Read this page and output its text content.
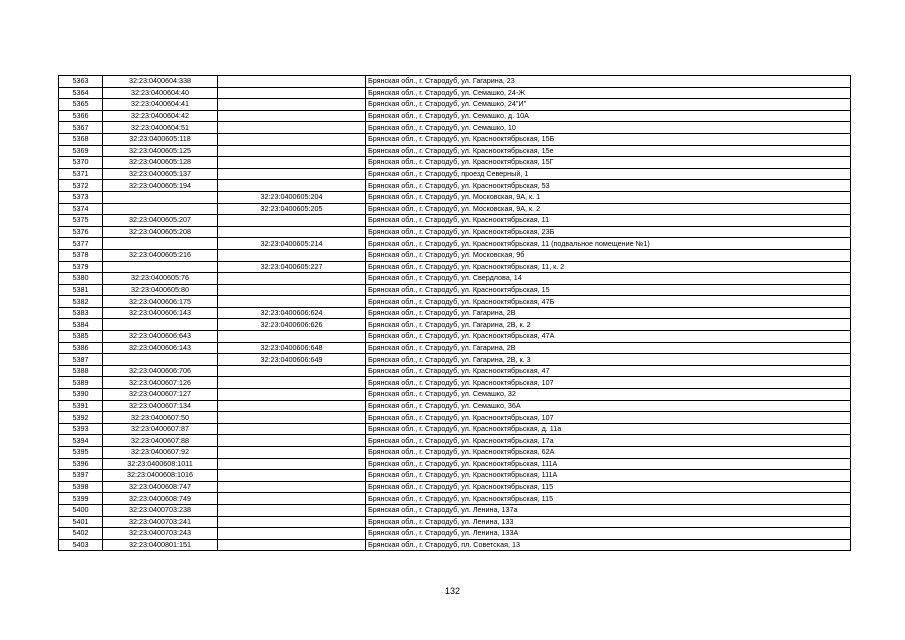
5363	32:23:0400604:338		Брянская обл., г. Стародуб, ул. Гагарина, 23
5364	32:23:0400604:40		Брянская обл., г. Стародуб, ул. Семашко, 24-Ж
5365	32:23:0400604:41		Брянская обл., г. Стародуб, ул. Семашко, 24"И"
5366	32:23:0400604:42		Брянская обл., г. Стародуб, ул. Семашко, д. 10А
5367	32:23:0400604:51		Брянская обл., г. Стародуб, ул. Семашко, 10
5368	32:23:0400605:118		Брянская обл., г. Стародуб, ул. Краснооктябрьская, 15Б
5369	32:23:0400605:125		Брянская обл., г. Стародуб, ул. Краснооктябрьская, 15е
5370	32:23:0400605:128		Брянская обл., г. Стародуб, ул. Краснооктябрьская, 15Г
5371	32:23:0400605:137		Брянская обл., г. Стародуб, проезд Северный, 1
5372	32:23:0400605:194		Брянская обл., г. Стародуб, ул. Краснооктябрьская, 53
5373		32:23:0400605:204	Брянская обл., г. Стародуб, ул. Московская, 9А, к. 1
5374		32:23:0400605:205	Брянская обл., г. Стародуб, ул. Московская, 9А, к. 2
5375	32:23:0400605:207		Брянская обл., г. Стародуб, ул. Краснооктябрьская, 11
5376	32:23:0400605:208		Брянская обл., г. Стародуб, ул. Краснооктябрьская, 23Б
5377		32:23:0400605:214	Брянская обл., г. Стародуб, ул. Краснооктябрьская, 11 (подвальное помещение №1)
5378	32:23:0400605:216		Брянская обл., г. Стародуб, ул. Московская, 9б
5379		32:23:0400605:227	Брянская обл., г. Стародуб, ул. Краснооктябрьская, 11, к. 2
5380	32:23:0400605:76		Брянская обл., г. Стародуб, ул. Свердлова, 14
5381	32:23:0400605:80		Брянская обл., г. Стародуб, ул. Краснооктябрьская, 15
5382	32:23:0400606:175		Брянская обл., г. Стародуб, ул. Краснооктябрьская, 47Б
5383	32:23:0400606:143	32:23:0400606:624	Брянская обл., г. Стародуб, ул. Гагарина, 2В
5384		32:23:0400606:626	Брянская обл., г. Стародуб, ул. Гагарина, 2В, к. 2
5385	32:23:0400606:643		Брянская обл., г. Стародуб, ул. Краснооктябрьская, 47А
5386	32:23:0400606:143	32:23:0400606:648	Брянская обл., г. Стародуб, ул. Гагарина, 2В
5387		32:23:0400606:649	Брянская обл., г. Стародуб, ул. Гагарина, 2В, к. 3
5388	32:23:0400606:706		Брянская обл., г. Стародуб, ул. Краснооктябрьская, 47
5389	32:23:0400607:126		Брянская обл., г. Стародуб, ул. Краснооктябрьская, 107
5390	32:23:0400607:127		Брянская обл., г. Стародуб, ул. Семашко, 32
5391	32:23:0400607:134		Брянская обл., г. Стародуб, ул. Семашко, 36А
5392	32:23:0400607:50		Брянская обл., г. Стародуб, ул. Краснооктябрьская, 107
5393	32:23:0400607:87		Брянская обл., г. Стародуб, ул. Краснооктябрьская, д. 11а
5394	32:23:0400607:88		Брянская обл., г. Стародуб, ул. Краснооктябрьская, 17а
5395	32:23:0400607:92		Брянская обл., г. Стародуб, ул. Краснооктябрьская, 62А
5396	32:23:0400608:1011		Брянская обл., г. Стародуб, ул. Краснооктябрьская, 111А
5397	32:23:0400608:1016		Брянская обл., г. Стародуб, ул. Краснооктябрьская, 111А
5398	32:23:0400608:747		Брянская обл., г. Стародуб, ул. Краснооктябрьская, 115
5399	32:23:0400608:749		Брянская обл., г. Стародуб, ул. Краснооктябрьская, 115
5400	32:23:0400703:238		Брянская обл., г. Стародуб, ул. Ленина, 137а
5401	32:23:0400703:241		Брянская обл., г. Стародуб, ул. Ленина, 133
5402	32:23:0400703:243		Брянская обл., г. Стародуб, ул. Ленина, 133А
5403	32:23:0400801:151		Брянская обл., г. Стародуб, пл. Советская, 13
132
